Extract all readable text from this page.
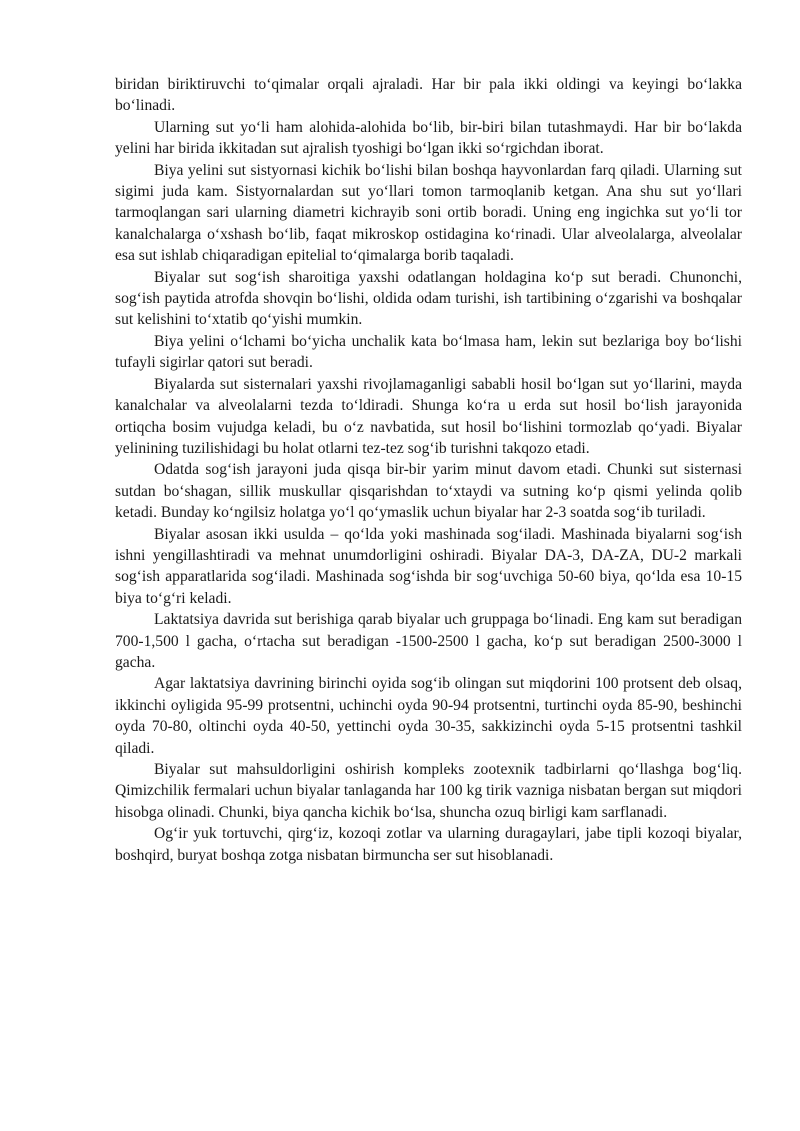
biridan biriktiruvchi to‘qimalar orqali ajraladi. Har bir pala ikki oldingi va keyingi bo‘lakka bo‘linadi.

Ularning sut yo‘li ham alohida-alohida bo‘lib, bir-biri bilan tutashmaydi. Har bir bo‘lakda yelini har birida ikkitadan sut ajralish tyoshigi bo‘lgan ikki so‘rgichdan iborat.

Biya yelini sut sistyornasi kichik bo‘lishi bilan boshqa hayvonlardan farq qiladi. Ularning sut sigimi juda kam. Sistyornalardan sut yo‘llari tomon tarmoqlanib ketgan. Ana shu sut yo‘llari tarmoqlangan sari ularning diametri kichrayib soni ortib boradi. Uning eng ingichka sut yo‘li tor kanalchalarga o‘xshash bo‘lib, faqat mikroskop ostidagina ko‘rinadi. Ular alveolalarga, alveolalar esa sut ishlab chiqaradigan epitelial to‘qimalarga borib taqaladi.

Biyalar sut sog‘ish sharoitiga yaxshi odatlangan holdagina ko‘p sut beradi. Chunonchi, sog‘ish paytida atrofda shovqin bo‘lishi, oldida odam turishi, ish tartibining o‘zgarishi va boshqalar sut kelishini to‘xtatib qo‘yishi mumkin.

Biya yelini o‘lchami bo‘yicha unchalik kata bo‘lmasa ham, lekin sut bezlariga boy bo‘lishi tufayli sigirlar qatori sut beradi.

Biyalarda sut sisternalari yaxshi rivojlamaganligi sababli hosil bo‘lgan sut yo‘llarini, mayda kanalchalar va alveolalarni tezda to‘ldiradi. Shunga ko‘ra u erda sut hosil bo‘lish jarayonida ortiqcha bosim vujudga keladi, bu o‘z navbatida, sut hosil bo‘lishini tormozlab qo‘yadi. Biyalar yelinining tuzilishidagi bu holat otlarni tez-tez sog‘ib turishni takqozo etadi.

Odatda sog‘ish jarayoni juda qisqa bir-bir yarim minut davom etadi. Chunki sut sisternasi sutdan bo‘shagan, sillik muskullar qisqarishdan to‘xtaydi va sutning ko‘p qismi yelinda qolib ketadi. Bunday ko‘ngilsiz holatga yo‘l qo‘ymaslik uchun biyalar har 2-3 soatda sog‘ib turiladi.

Biyalar asosan ikki usulda – qo‘lda yoki mashinada sog‘iladi. Mashinada biyalarni sog‘ish ishni yengillashtiradi va mehnat unumdorligini oshiradi. Biyalar DA-3, DA-ZA, DU-2 markali sog‘ish apparatlarida sog‘iladi. Mashinada sog‘ishda bir sog‘uvchiga 50-60 biya, qo‘lda esa 10-15 biya to‘g‘ri keladi.

Laktatsiya davrida sut berishiga qarab biyalar uch gruppaga bo‘linadi. Eng kam sut beradigan 700-1,500 l gacha, o‘rtacha sut beradigan -1500-2500 l gacha, ko‘p sut beradigan 2500-3000 l gacha.

Agar laktatsiya davrining birinchi oyida sog‘ib olingan sut miqdorini 100 protsent deb olsaq, ikkinchi oyligida 95-99 protsentni, uchinchi oyda 90-94 protsentni, turtinchi oyda 85-90, beshinchi oyda 70-80, oltinchi oyda 40-50, yettinchi oyda 30-35, sakkizinchi oyda 5-15 protsentni tashkil qiladi.

Biyalar sut mahsuldorligini oshirish kompleks zootexnik tadbirlarni qo‘llashga bog‘liq. Qimizchilik fermalari uchun biyalar tanlaganda har 100 kg tirik vazniga nisbatan bergan sut miqdori hisobga olinadi. Chunki, biya qancha kichik bo‘lsa, shuncha ozuq birligi kam sarflanadi.

Og‘ir yuk tortuvchi, qirg‘iz, kozoqi zotlar va ularning duragaylari, jabe tipli kozoqi biyalar, boshqird, buryat boshqa zotga nisbatan birmuncha ser sut hisoblanadi.
